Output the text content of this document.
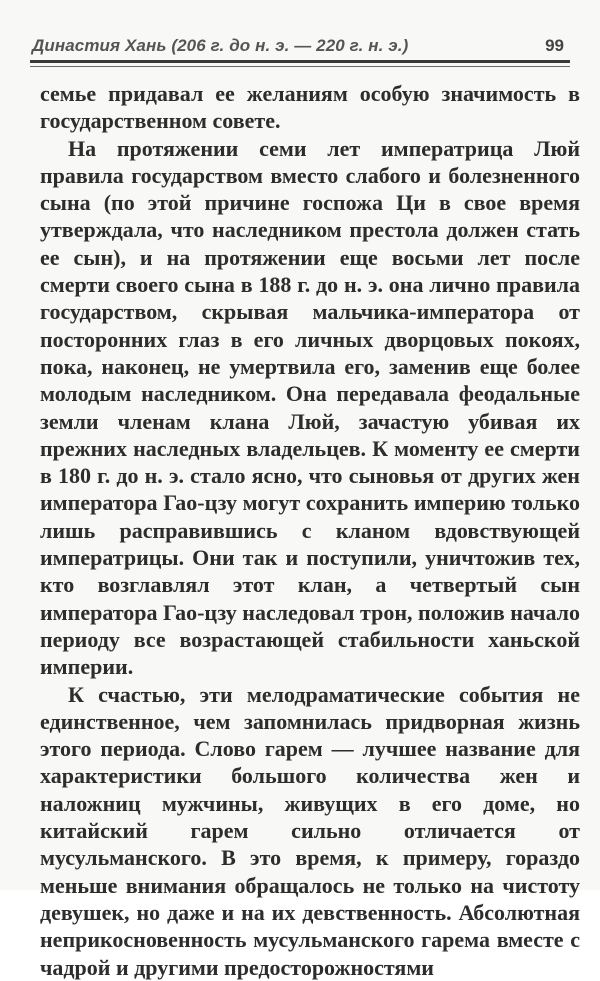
Династия Хань (206 г. до н. э. — 220 г. н. э.)	99

семье придавал ее желаниям особую значимость в государственном совете.

На протяжении семи лет императрица Люй правила государством вместо слабого и болезненного сына (по этой причине госпожа Ци в свое время утверждала, что наследником престола должен стать ее сын), и на протяжении еще восьми лет после смерти своего сына в 188 г. до н. э. она лично правила государством, скрывая мальчика-императора от посторонних глаз в его личных дворцовых покоях, пока, наконец, не умертвила его, заменив еще более молодым наследником. Она передавала феодальные земли членам клана Люй, зачастую убивая их прежних наследных владельцев. К моменту ее смерти в 180 г. до н. э. стало ясно, что сыновья от других жен императора Гао-цзу могут сохранить империю только лишь расправившись с кланом вдовствующей императрицы. Они так и поступили, уничтожив тех, кто возглавлял этот клан, а четвертый сын императора Гао-цзу наследовал трон, положив начало периоду все возрастающей стабильности ханьской империи.

К счастью, эти мелодраматические события не единственное, чем запомнилась придворная жизнь этого периода. Слово гарем — лучшее название для характеристики большого количества жен и наложниц мужчины, живущих в его доме, но китайский гарем сильно отличается от мусульманского. В это время, к примеру, гораздо меньше внимания обращалось не только на чистоту девушек, но даже и на их девственность. Абсолютная неприкосновенность мусульманского гарема вместе с чадрой и другими предосторожностями
